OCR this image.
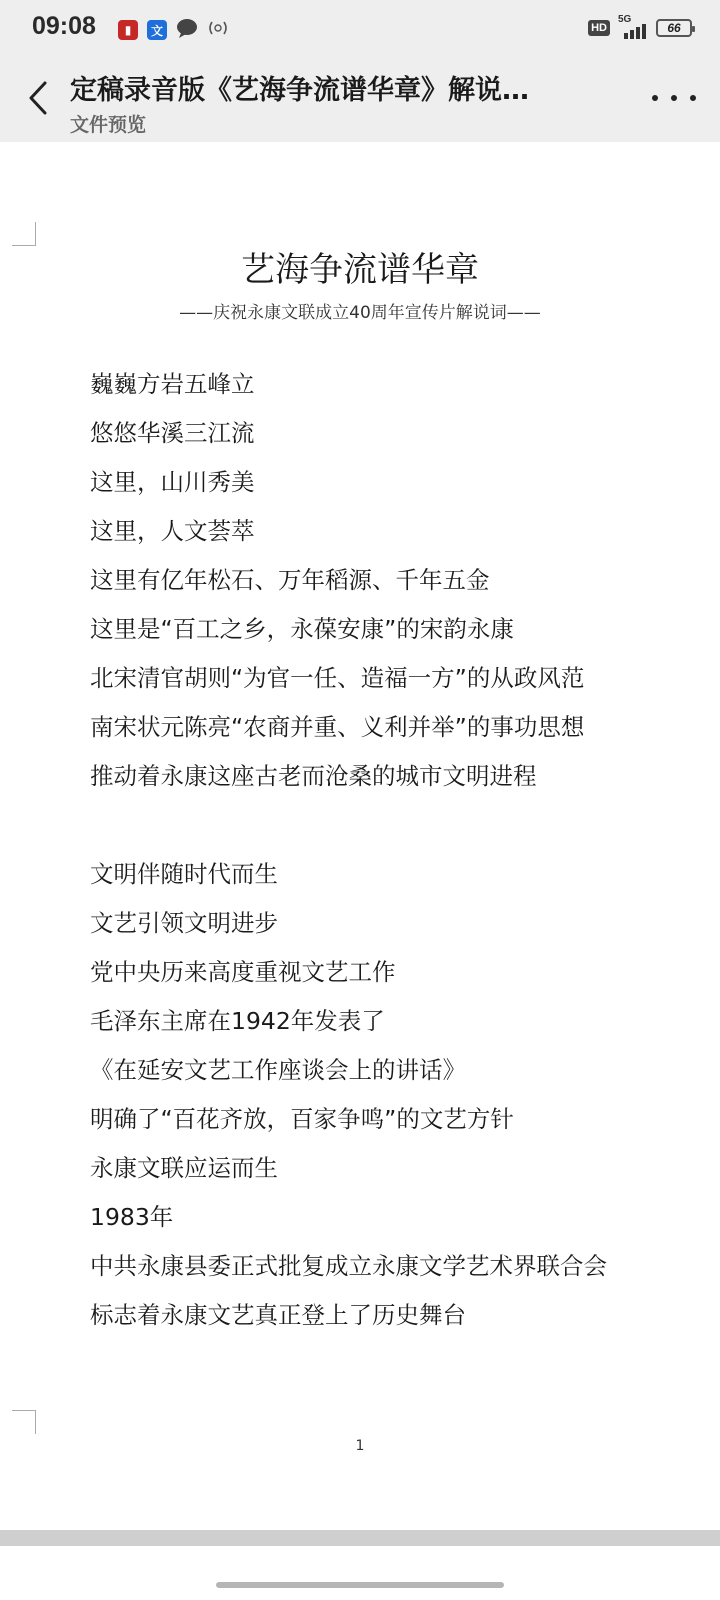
09:08	▮	文	HD
5G
66
定稿录音版《艺海争流谱华章》解说…
文件预览
艺海争流谱华章
——庆祝永康文联成立40周年宣传片解说词——
巍巍方岩五峰立
悠悠华溪三江流
这里，山川秀美
这里，人文荟萃
这里有亿年松石、万年稻源、千年五金
这里是“百工之乡，永葆安康”的宋韵永康
北宋清官胡则“为官一任、造福一方”的从政风范
南宋状元陈亮“农商并重、义利并举”的事功思想
推动着永康这座古老而沧桑的城市文明进程
文明伴随时代而生
文艺引领文明进步
党中央历来高度重视文艺工作
毛泽东主席在1942年发表了
《在延安文艺工作座谈会上的讲话》
明确了“百花齐放，百家争鸣”的文艺方针
永康文联应运而生
1983年
中共永康县委正式批复成立永康文学艺术界联合会
标志着永康文艺真正登上了历史舞台
1
